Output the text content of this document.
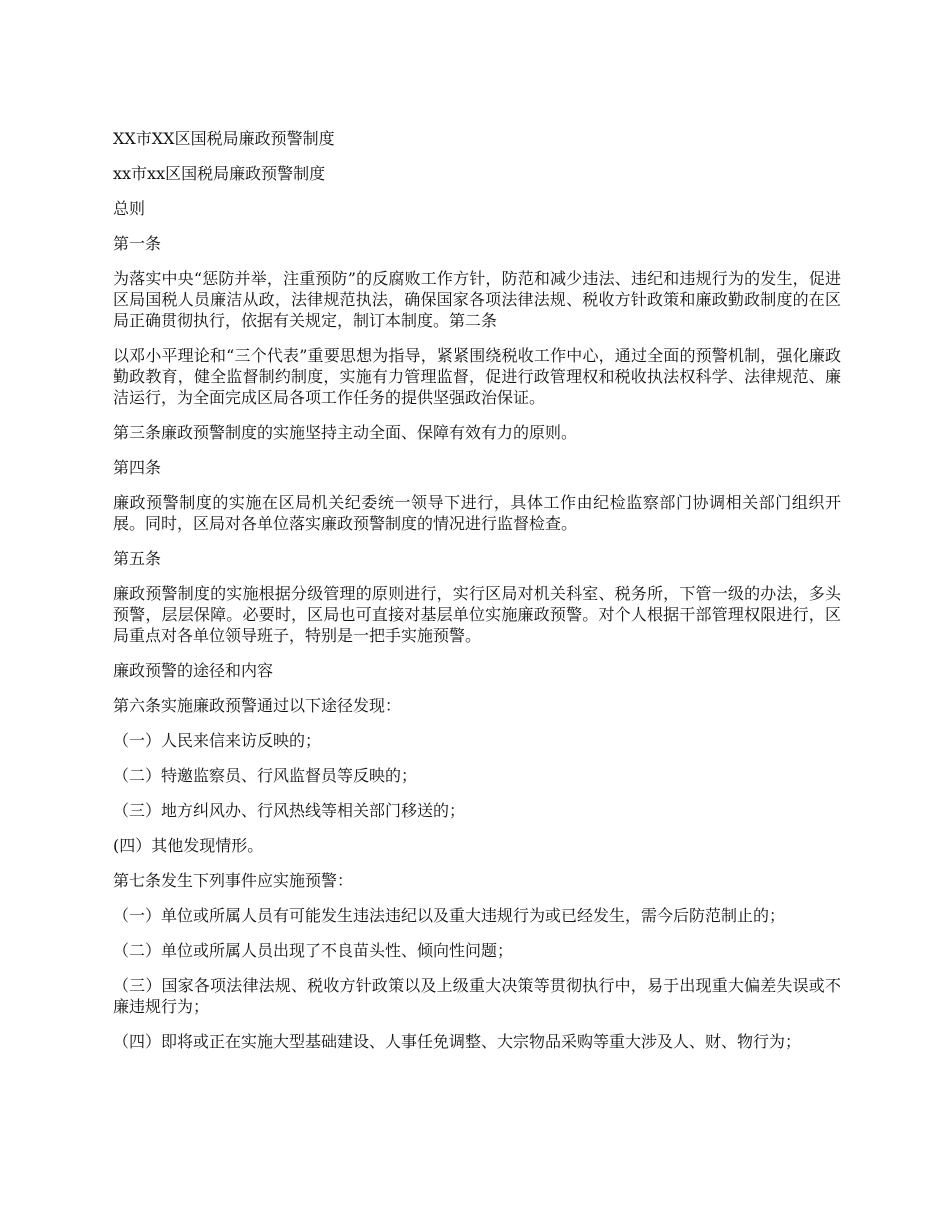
XX市XX区国税局廉政预警制度

xx市xx区国税局廉政预警制度

总则

第一条

为落实中央“惩防并举，注重预防”的反腐败工作方针，防范和减少违法、违纪和违规行为的发生，促进区局国税人员廉洁从政，法律规范执法，确保国家各项法律法规、税收方针政策和廉政勤政制度的在区局正确贯彻执行，依据有关规定，制订本制度。第二条

以邓小平理论和“三个代表”重要思想为指导，紧紧围绕税收工作中心，通过全面的预警机制，强化廉政勤政教育，健全监督制约制度，实施有力管理监督，促进行政管理权和税收执法权科学、法律规范、廉洁运行，为全面完成区局各项工作任务的提供坚强政治保证。

第三条廉政预警制度的实施坚持主动全面、保障有效有力的原则。

第四条

廉政预警制度的实施在区局机关纪委统一领导下进行，具体工作由纪检监察部门协调相关部门组织开展。同时，区局对各单位落实廉政预警制度的情况进行监督检查。

第五条

廉政预警制度的实施根据分级管理的原则进行，实行区局对机关科室、税务所，下管一级的办法，多头预警，层层保障。必要时，区局也可直接对基层单位实施廉政预警。对个人根据干部管理权限进行，区局重点对各单位领导班子，特别是一把手实施预警。

廉政预警的途径和内容

第六条实施廉政预警通过以下途径发现：

（一）人民来信来访反映的；

（二）特邀监察员、行风监督员等反映的；

（三）地方纠风办、行风热线等相关部门移送的；

(四）其他发现情形。

第七条发生下列事件应实施预警：

（一）单位或所属人员有可能发生违法违纪以及重大违规行为或已经发生，需今后防范制止的；

（二）单位或所属人员出现了不良苗头性、倾向性问题；

（三）国家各项法律法规、税收方针政策以及上级重大决策等贯彻执行中，易于出现重大偏差失误或不廉违规行为；

（四）即将或正在实施大型基础建设、人事任免调整、大宗物品采购等重大涉及人、财、物行为；
